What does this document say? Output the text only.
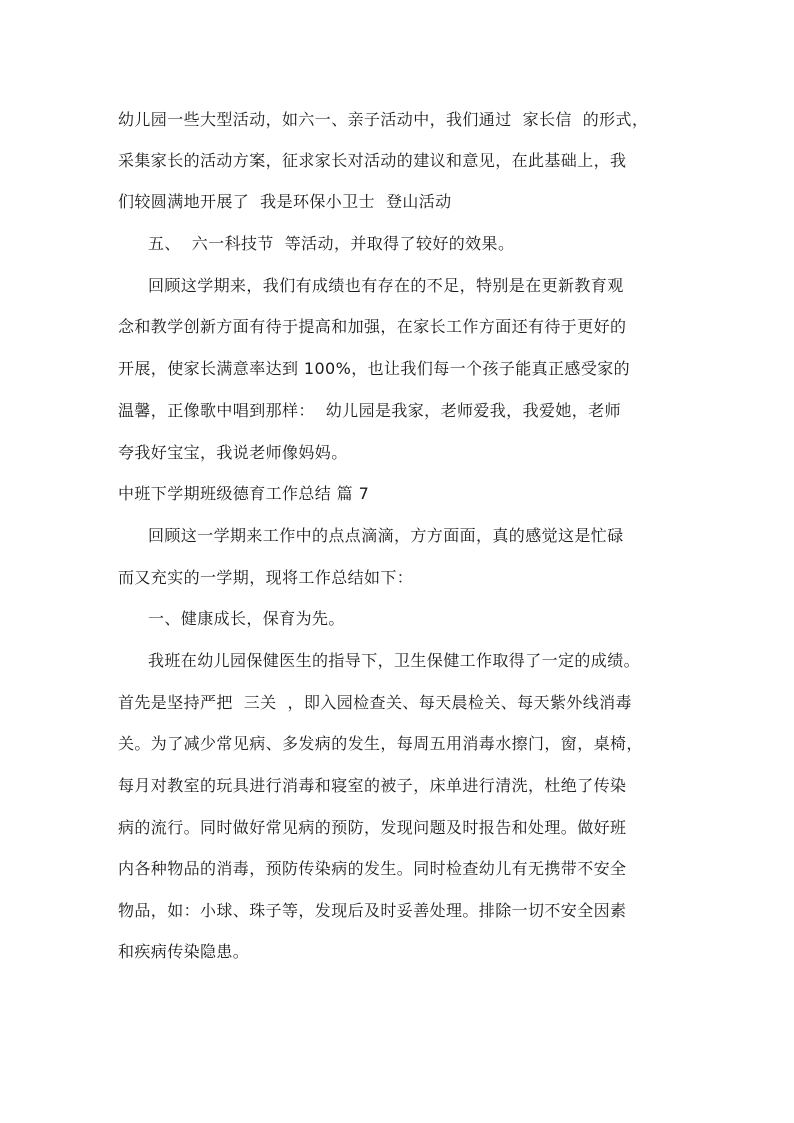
幼儿园一些大型活动，如六一、亲子活动中，我们通过  家长信  的形式，
采集家长的活动方案，征求家长对活动的建议和意见，在此基础上，我
们较圆满地开展了  我是环保小卫士  登山活动
五、  六一科技节  等活动，并取得了较好的效果。
回顾这学期来，我们有成绩也有存在的不足，特别是在更新教育观
念和教学创新方面有待于提高和加强，在家长工作方面还有待于更好的
开展，使家长满意率达到 100%，也让我们每一个孩子能真正感受家的
温馨，正像歌中唱到那样：  幼儿园是我家，老师爱我，我爱她，老师
夸我好宝宝，我说老师像妈妈。
中班下学期班级德育工作总结 篇 7
回顾这一学期来工作中的点点滴滴，方方面面，真的感觉这是忙碌
而又充实的一学期，现将工作总结如下：
一、健康成长，保育为先。
我班在幼儿园保健医生的指导下，卫生保健工作取得了一定的成绩。
首先是坚持严把  三关  ，即入园检查关、每天晨检关、每天紫外线消毒
关。为了减少常见病、多发病的发生，每周五用消毒水擦门，窗，桌椅，
每月对教室的玩具进行消毒和寝室的被子，床单进行清洗，杜绝了传染
病的流行。同时做好常见病的预防，发现问题及时报告和处理。做好班
内各种物品的消毒，预防传染病的发生。同时检查幼儿有无携带不安全
物品，如：小球、珠子等，发现后及时妥善处理。排除一切不安全因素
和疾病传染隐患。
